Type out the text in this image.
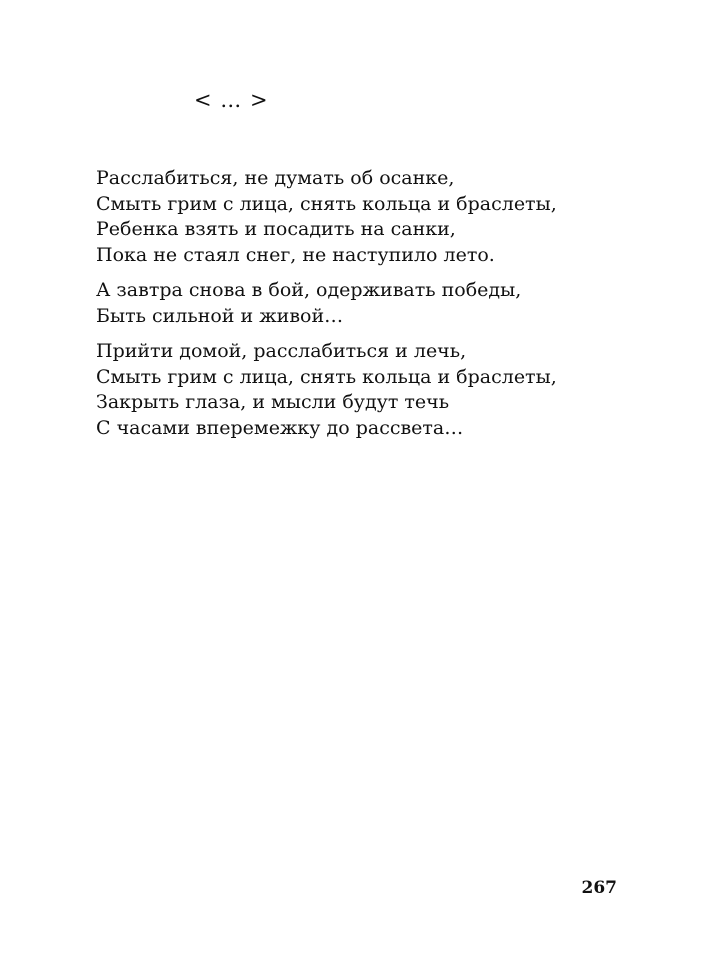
< … >
Расслабиться, не думать об осанке,
Смыть грим с лица, снять кольца и браслеты,
Ребенка взять и посадить на санки,
Пока не стаял снег, не наступило лето.
А завтра снова в бой, одерживать победы,
Быть сильной и живой…
Прийти домой, расслабиться и лечь,
Смыть грим с лица, снять кольца и браслеты,
Закрыть глаза, и мысли будут течь
С часами вперемежку до рассвета…
267
